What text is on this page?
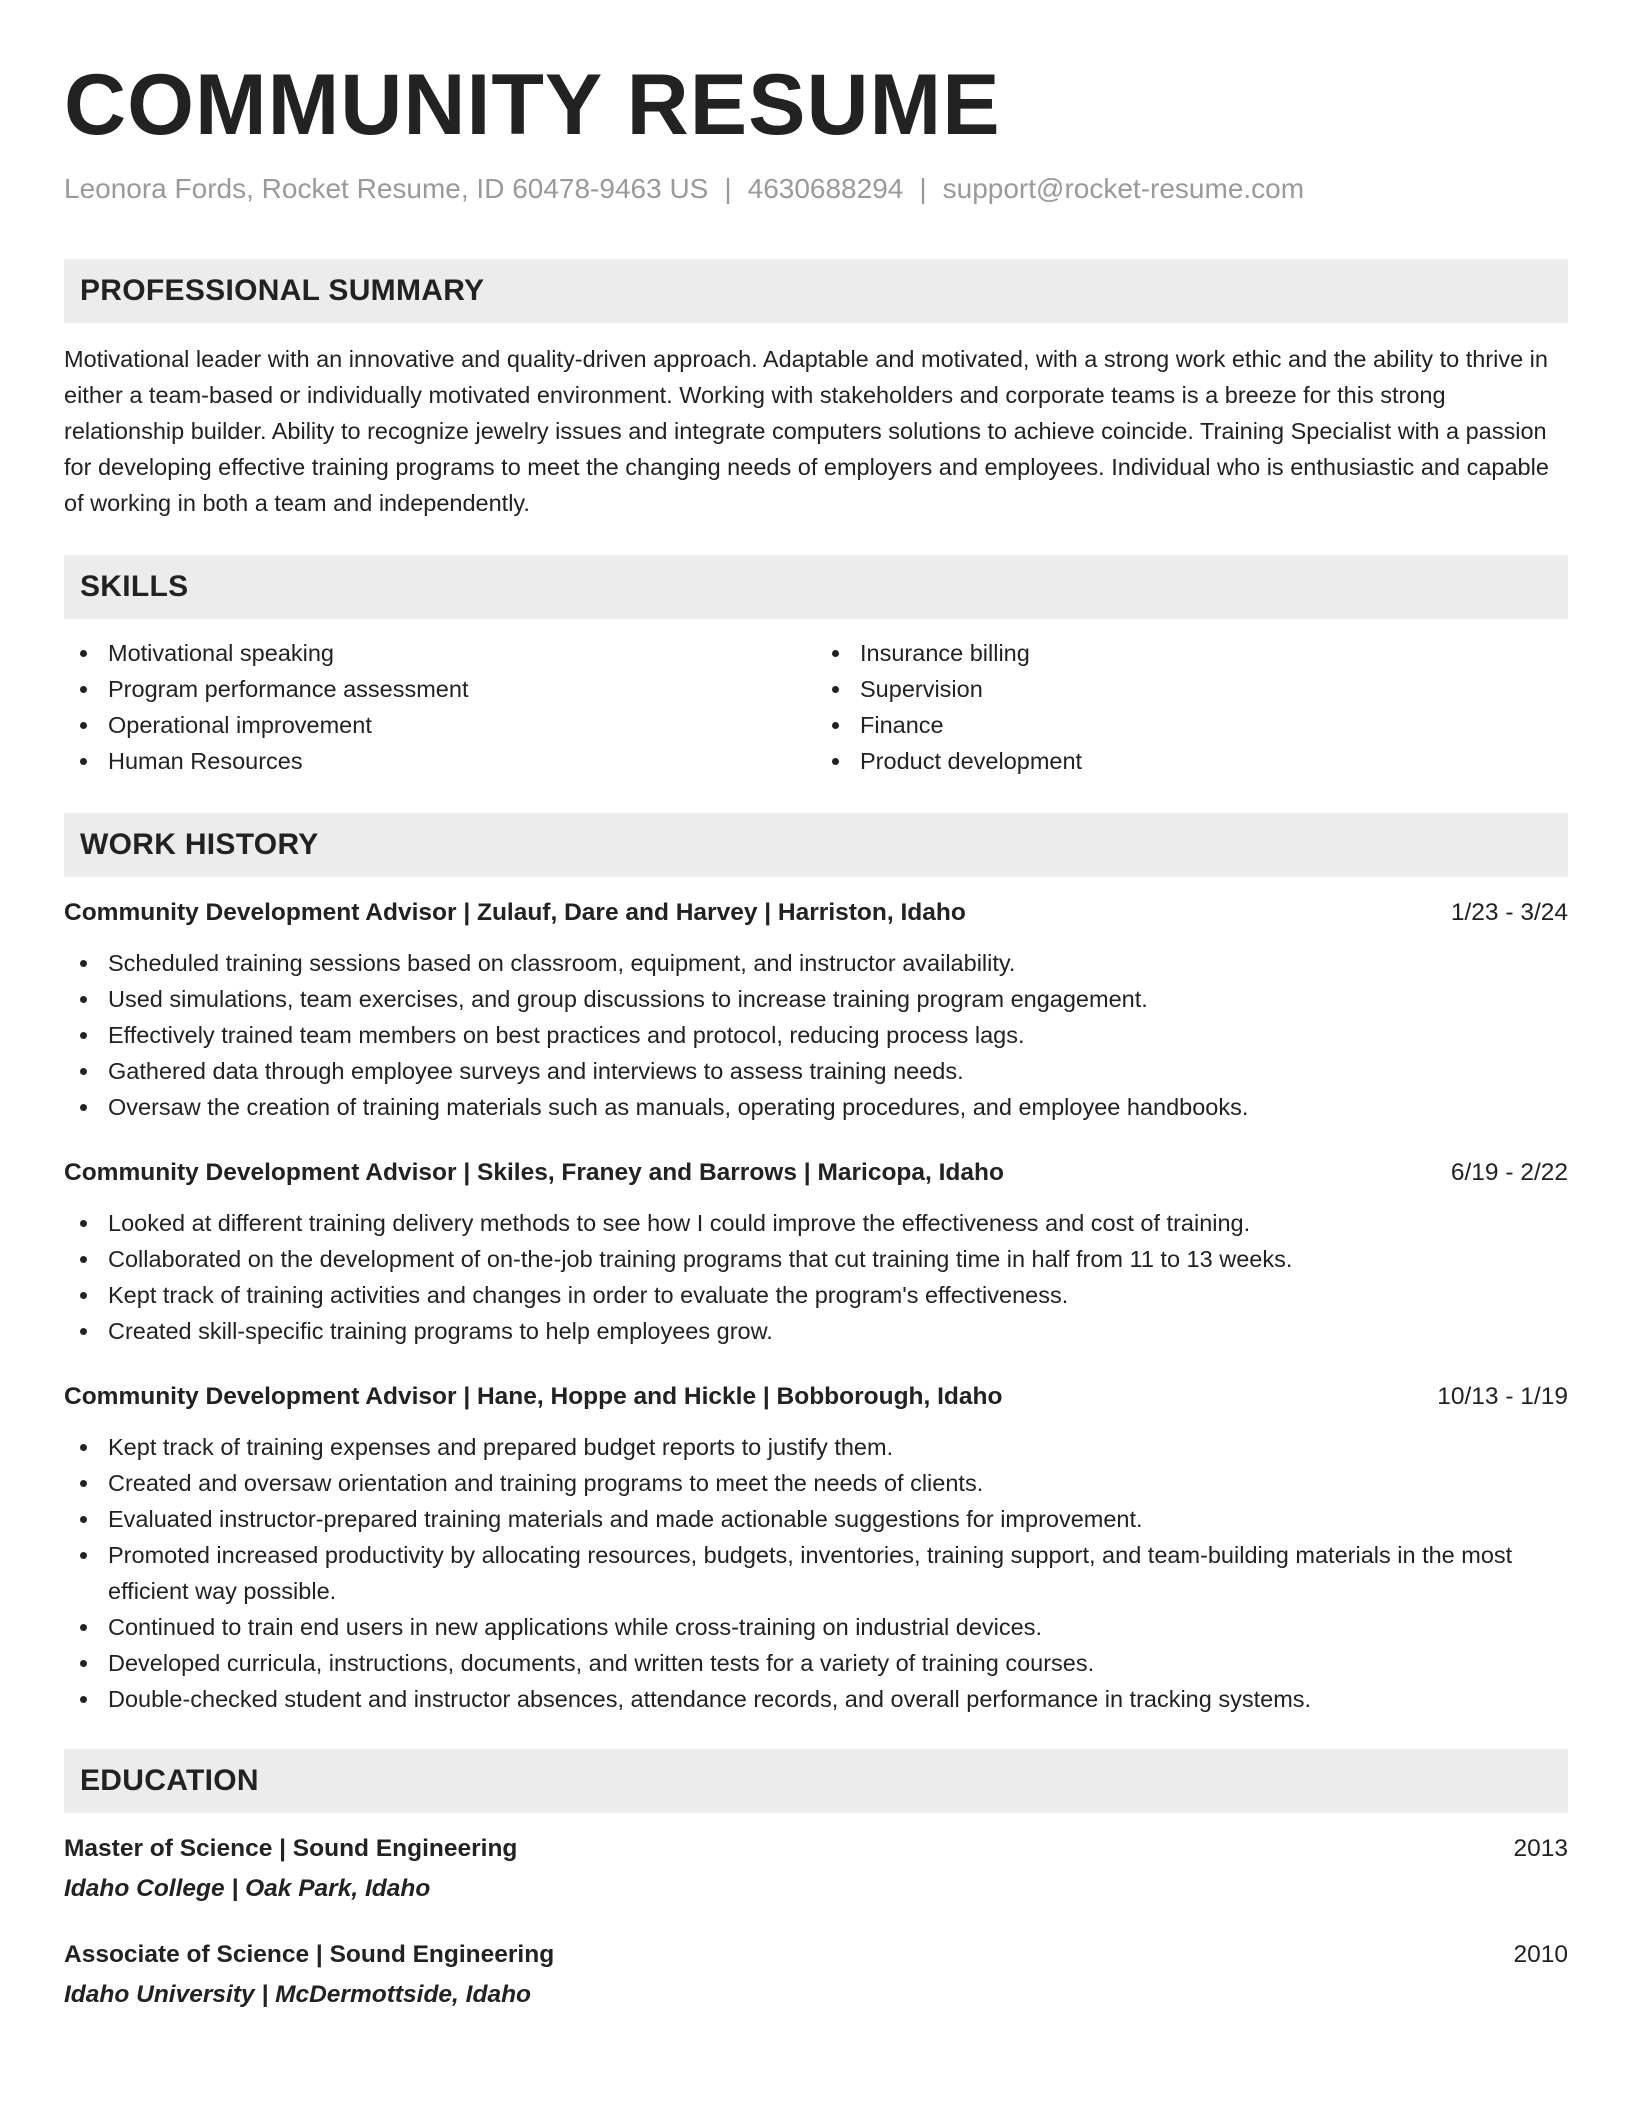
COMMUNITY RESUME
Leonora Fords, Rocket Resume, ID 60478-9463 US | 4630688294 | support@rocket-resume.com
PROFESSIONAL SUMMARY

Motivational leader with an innovative and quality-driven approach. Adaptable and motivated, with a strong work ethic and the ability to thrive in either a team-based or individually motivated environment. Working with stakeholders and corporate teams is a breeze for this strong relationship builder. Ability to recognize jewelry issues and integrate computers solutions to achieve coincide. Training Specialist with a passion for developing effective training programs to meet the changing needs of employers and employees. Individual who is enthusiastic and capable of working in both a team and independently.

SKILLS
Motivational speaking
Program performance assessment
Operational improvement
Human Resources
Insurance billing
Supervision
Finance
Product development
WORK HISTORY
Community Development Advisor | Zulauf, Dare and Harvey | Harriston, Idaho	1/23 - 3/24
Scheduled training sessions based on classroom, equipment, and instructor availability.
Used simulations, team exercises, and group discussions to increase training program engagement.
Effectively trained team members on best practices and protocol, reducing process lags.
Gathered data through employee surveys and interviews to assess training needs.
Oversaw the creation of training materials such as manuals, operating procedures, and employee handbooks.
Community Development Advisor | Skiles, Franey and Barrows | Maricopa, Idaho	6/19 - 2/22
Looked at different training delivery methods to see how I could improve the effectiveness and cost of training.
Collaborated on the development of on-the-job training programs that cut training time in half from 11 to 13 weeks.
Kept track of training activities and changes in order to evaluate the program's effectiveness.
Created skill-specific training programs to help employees grow.
Community Development Advisor | Hane, Hoppe and Hickle | Bobborough, Idaho	10/13 - 1/19
Kept track of training expenses and prepared budget reports to justify them.
Created and oversaw orientation and training programs to meet the needs of clients.
Evaluated instructor-prepared training materials and made actionable suggestions for improvement.
Promoted increased productivity by allocating resources, budgets, inventories, training support, and team-building materials in the most efficient way possible.
Continued to train end users in new applications while cross-training on industrial devices.
Developed curricula, instructions, documents, and written tests for a variety of training courses.
Double-checked student and instructor absences, attendance records, and overall performance in tracking systems.
EDUCATION
Master of Science | Sound Engineering	2013
Idaho College | Oak Park, Idaho
Associate of Science | Sound Engineering	2010
Idaho University | McDermottside, Idaho
